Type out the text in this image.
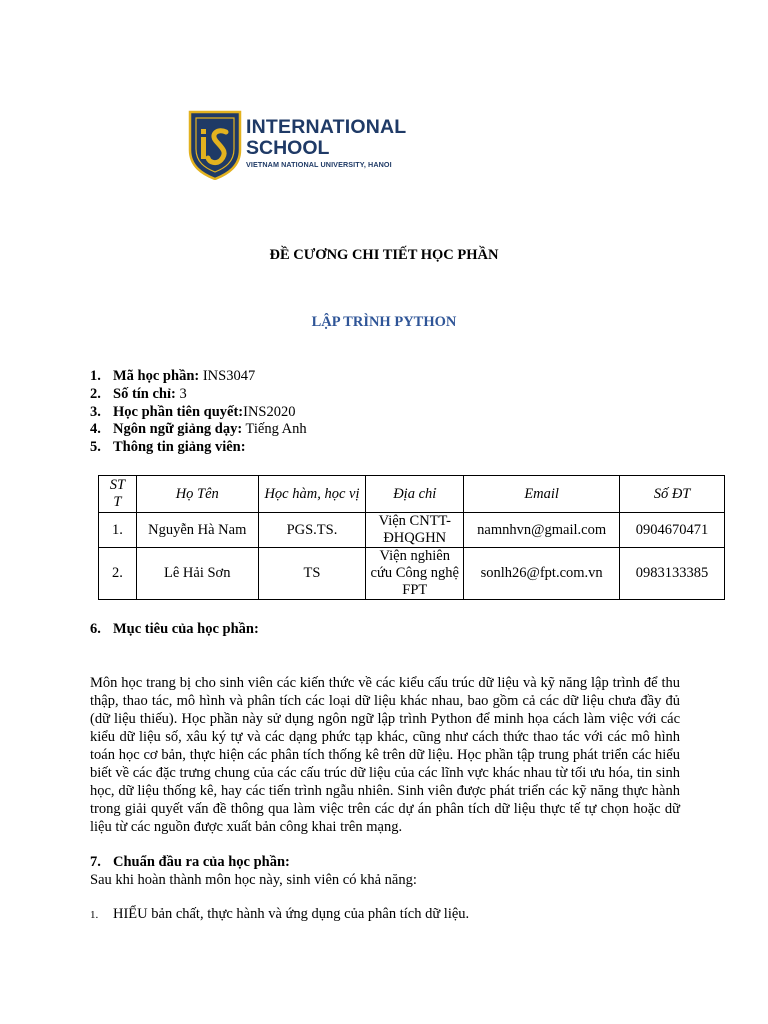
INTERNATIONAL
SCHOOL
VIETNAM NATIONAL UNIVERSITY, HANOI
ĐỀ CƯƠNG CHI TIẾT HỌC PHẦN
LẬP TRÌNH PYTHON
1. Mã học phần: INS3047
2. Số tín chỉ: 3
3. Học phần tiên quyết:INS2020
4. Ngôn ngữ giảng dạy: Tiếng Anh
5. Thông tin giảng viên:
ST
T	Họ Tên	Học hàm, học vị	Địa chỉ	Email	Số ĐT
1.	Nguyễn Hà Nam	PGS.TS.	Viện CNTT-ĐHQGHN	namnhvn@gmail.com	0904670471
2.	Lê Hải Sơn	TS	Viện nghiên cứu Công nghệ FPT	sonlh26@fpt.com.vn	0983133385
6. Mục tiêu của học phần:
Môn học trang bị cho sinh viên các kiến thức về các kiểu cấu trúc dữ liệu và kỹ năng lập trình để thu thập, thao tác, mô hình và phân tích các loại dữ liệu khác nhau, bao gồm cả các dữ liệu chưa đầy đủ (dữ liệu thiếu). Học phần này sử dụng ngôn ngữ lập trình Python để minh họa cách làm việc với các kiểu dữ liệu số, xâu ký tự và các dạng phức tạp khác, cũng như cách thức thao tác với các mô hình toán học cơ bản, thực hiện các phân tích thống kê trên dữ liệu. Học phần tập trung phát triển các hiểu biết về các đặc trưng chung của các cấu trúc dữ liệu của các lĩnh vực khác nhau từ tối ưu hóa, tin sinh học, dữ liệu thống kê, hay các tiến trình ngẫu nhiên. Sinh viên được phát triển các kỹ năng thực hành trong giải quyết vấn đề thông qua làm việc trên các dự án phân tích dữ liệu thực tế tự chọn hoặc dữ liệu từ các nguồn được xuất bản công khai trên mạng.
7. Chuẩn đầu ra của học phần:
Sau khi hoàn thành môn học này, sinh viên có khả năng:
1. HIỂU bản chất, thực hành và ứng dụng của phân tích dữ liệu.
